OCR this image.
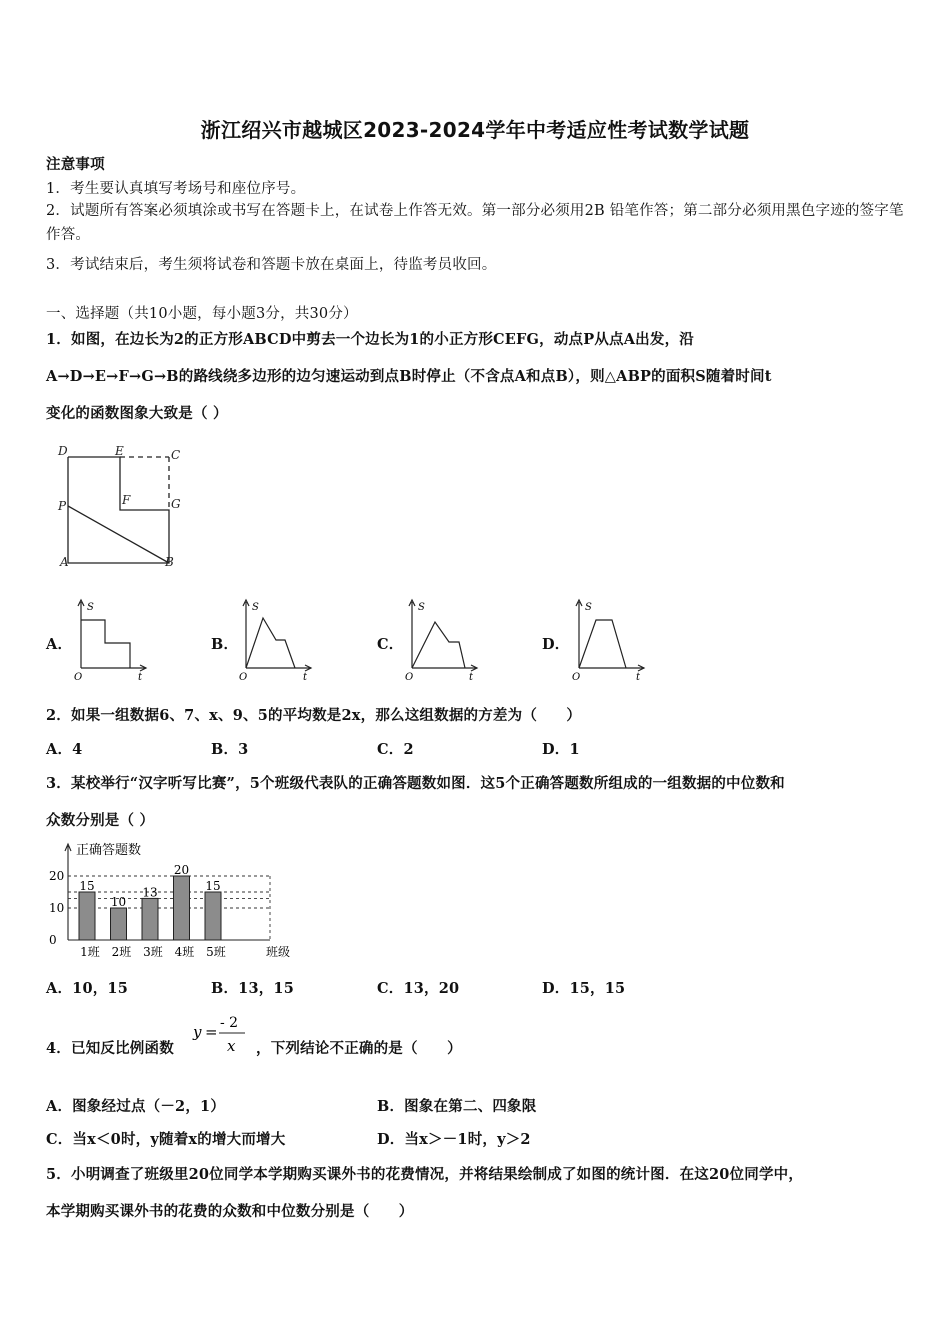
浙江绍兴市越城区2023-2024学年中考适应性考试数学试题
注意事项
1．考生要认真填写考场号和座位序号。
2．试题所有答案必须填涂或书写在答题卡上，在试卷上作答无效。第一部分必须用2B 铅笔作答；第二部分必须用黑色字迹的签字笔作答。
3．考试结束后，考生须将试卷和答题卡放在桌面上，待监考员收回。
一、选择题（共10小题，每小题3分，共30分）
1．如图，在边长为2的正方形ABCD中剪去一个边长为1的小正方形CEFG，动点P从点A出发，沿
A→D→E→F→G→B的路线绕多边形的边匀速运动到点B时停止（不含点A和点B），则△ABP的面积S随着时间t
变化的函数图象大致是（ ）
D	E	C
P	F	G
A	B
A．
S
t
O
B．
S
t
O
C．
S
t
O
D．
S
t
O
2．如果一组数据6、7、x、9、5的平均数是2x，那么这组数据的方差为（　　）
A．4	B．3	C．2	D．1
3．某校举行“汉字听写比赛”，5个班级代表队的正确答题数如图．这5个正确答题数所组成的一组数据的中位数和
众数分别是（ ）
正确答题数
班级
0
10
20
15
1班
10
2班
13
3班
20
4班
15
5班
A．10，15	B．13，15	C．13，20	D．15，15
4．已知反比例函数
y = - 2
x ，下列结论不正确的是（　　）
A．图象经过点（－2，1）	B．图象在第二、四象限
C．当x＜0时，y随着x的增大而增大	D．当x＞－1时，y＞2
5．小明调查了班级里20位同学本学期购买课外书的花费情况，并将结果绘制成了如图的统计图．在这20位同学中，
本学期购买课外书的花费的众数和中位数分别是（　　）
